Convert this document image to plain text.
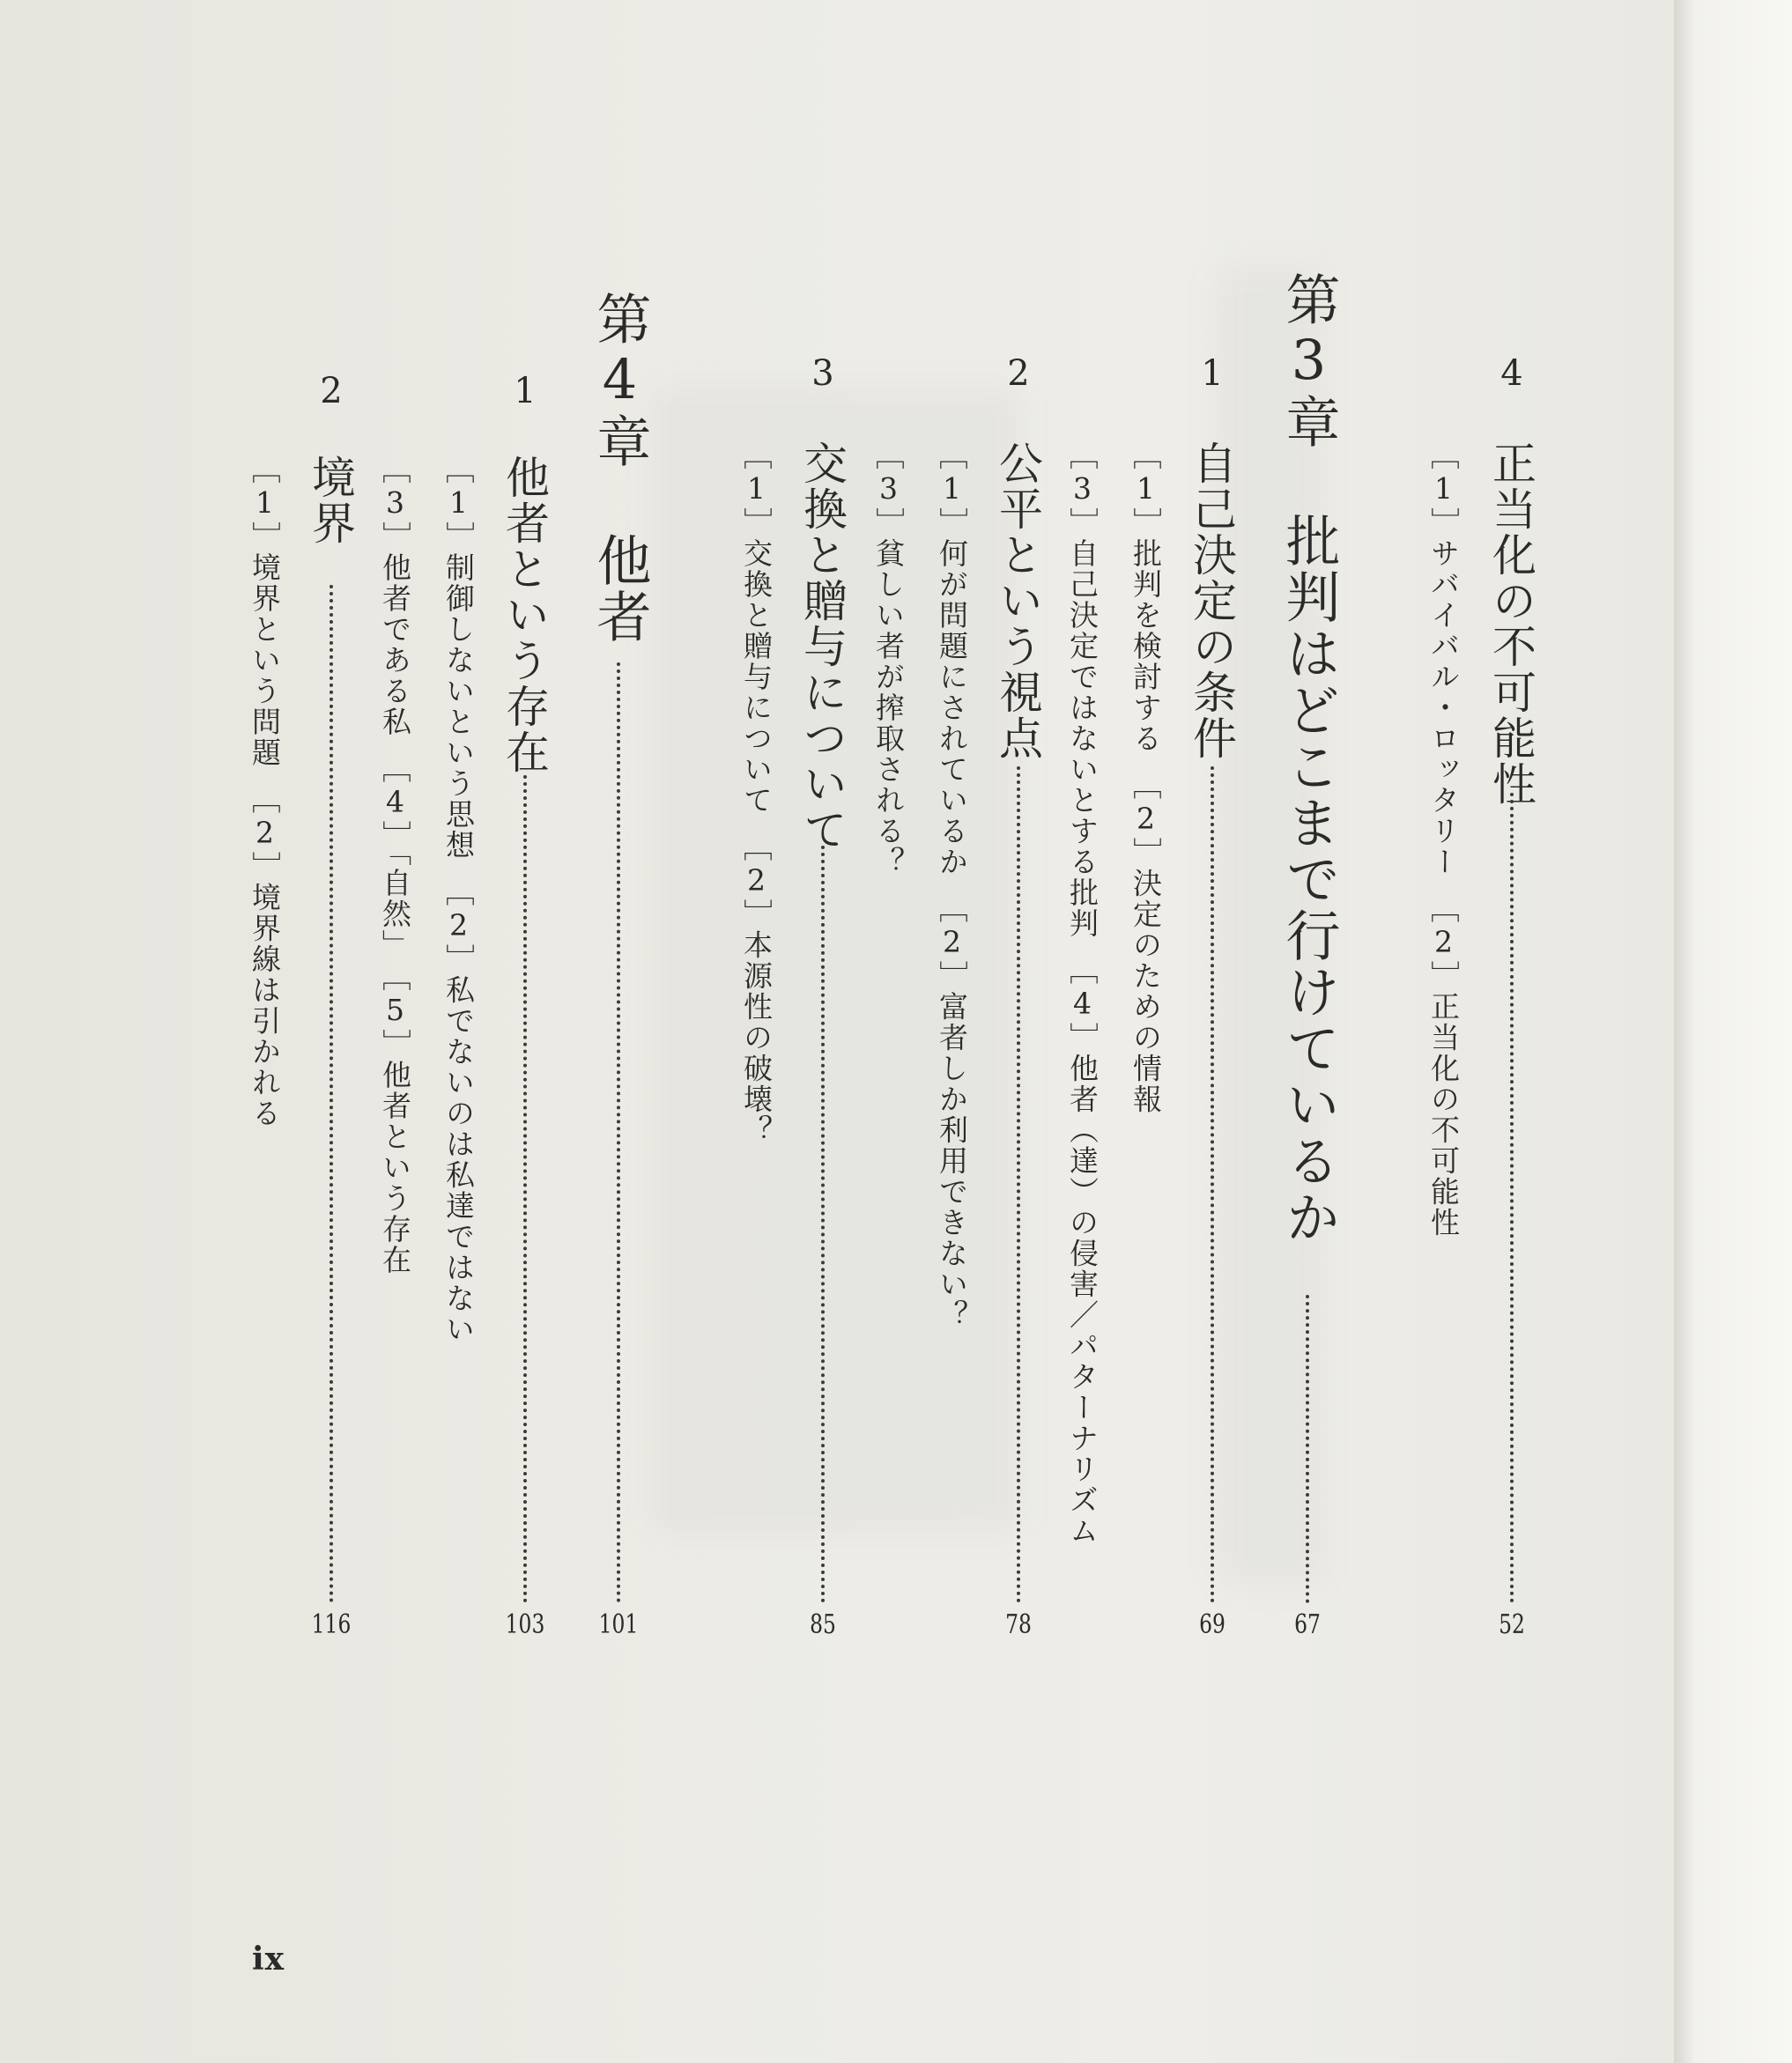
4
正当化の不可能性
52
［1］サバイバル・ロッタリー　［2］正当化の不可能性
第3章
批判はどこまで行けているか
67
1
自己決定の条件
69
［1］批判を検討する　［2］決定のための情報
［3］自己決定ではないとする批判　［4］他者（達）の侵害／パターナリズム
2
公平という視点
78
［1］何が問題にされているか　［2］富者しか利用できない？
［3］貧しい者が搾取される？
3
交換と贈与について
85
［1］交換と贈与について　［2］本源性の破壊？
第4章
他者
101
1
他者という存在
103
［1］制御しないという思想　［2］私でないのは私達ではない
［3］他者である私　［4］「自然」　［5］他者という存在
2
境界
116
［1］境界という問題　［2］境界線は引かれる
ix
